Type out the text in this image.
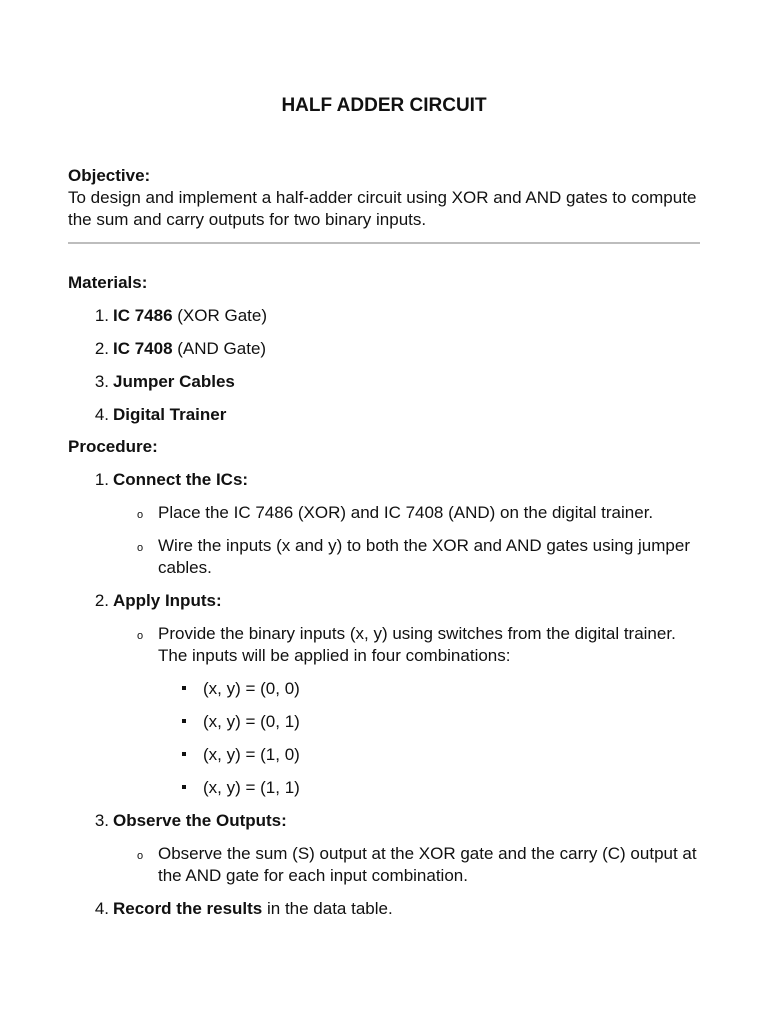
HALF ADDER CIRCUIT

Objective:

To design and implement a half-adder circuit using XOR and AND gates to compute the sum and carry outputs for two binary inputs.

Materials:

1. IC 7486 (XOR Gate)
2. IC 7408 (AND Gate)
3. Jumper Cables
4. Digital Trainer

Procedure:

1. Connect the ICs:
o Place the IC 7486 (XOR) and IC 7408 (AND) on the digital trainer.
o Wire the inputs (x and y) to both the XOR and AND gates using jumper cables.
2. Apply Inputs:
o Provide the binary inputs (x, y) using switches from the digital trainer. The inputs will be applied in four combinations:
(x, y) = (0, 0)
(x, y) = (0, 1)
(x, y) = (1, 0)
(x, y) = (1, 1)
3. Observe the Outputs:
o Observe the sum (S) output at the XOR gate and the carry (C) output at the AND gate for each input combination.
4. Record the results in the data table.
